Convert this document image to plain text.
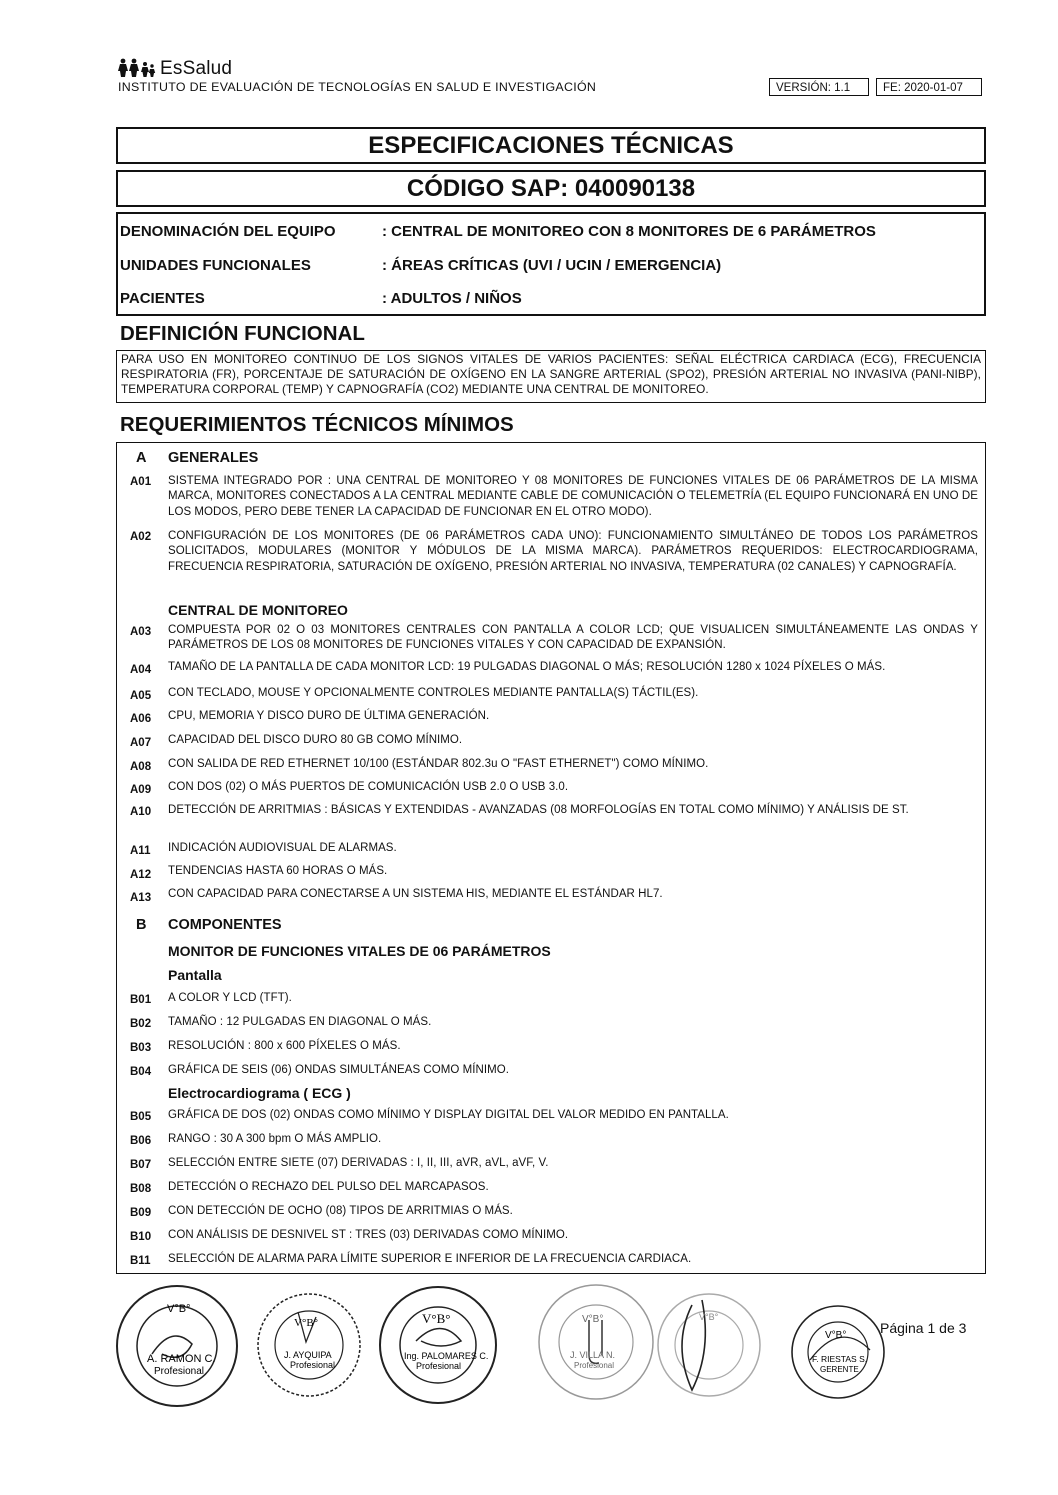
EsSalud
INSTITUTO DE EVALUACIÓN DE TECNOLOGÍAS EN SALUD E INVESTIGACIÓN	VERSIÓN: 1.1	FE: 2020-01-07
ESPECIFICACIONES TÉCNICAS
CÓDIGO SAP: 040090138
DENOMINACIÓN DEL EQUIPO	: CENTRAL DE MONITOREO CON 8 MONITORES DE 6 PARÁMETROS
UNIDADES FUNCIONALES	: ÁREAS CRÍTICAS (UVI / UCIN / EMERGENCIA)
PACIENTES	: ADULTOS / NIÑOS
DEFINICIÓN FUNCIONAL
PARA USO EN MONITOREO CONTINUO DE LOS SIGNOS VITALES DE VARIOS PACIENTES: SEÑAL ELÉCTRICA CARDIACA (ECG), FRECUENCIA RESPIRATORIA (FR), PORCENTAJE DE SATURACIÓN DE OXÍGENO EN LA SANGRE ARTERIAL (SPO2), PRESIÓN ARTERIAL NO INVASIVA (PANI-NIBP), TEMPERATURA CORPORAL (TEMP) Y CAPNOGRAFÍA (CO2) MEDIANTE UNA CENTRAL DE MONITOREO.
REQUERIMIENTOS TÉCNICOS MÍNIMOS
A GENERALES
A01	SISTEMA INTEGRADO POR : UNA CENTRAL DE MONITOREO Y 08 MONITORES DE FUNCIONES VITALES DE 06 PARÁMETROS DE LA MISMA MARCA, MONITORES CONECTADOS A LA CENTRAL MEDIANTE CABLE DE COMUNICACIÓN O TELEMETRÍA (EL EQUIPO FUNCIONARÁ EN UNO DE LOS MODOS, PERO DEBE TENER LA CAPACIDAD DE FUNCIONAR EN EL OTRO MODO).
A02	CONFIGURACIÓN DE LOS MONITORES (DE 06 PARÁMETROS CADA UNO): FUNCIONAMIENTO SIMULTÁNEO DE TODOS LOS PARÁMETROS SOLICITADOS, MODULARES (MONITOR Y MÓDULOS DE LA MISMA MARCA). PARÁMETROS REQUERIDOS: ELECTROCARDIOGRAMA, FRECUENCIA RESPIRATORIA, SATURACIÓN DE OXÍGENO, PRESIÓN ARTERIAL NO INVASIVA, TEMPERATURA (02 CANALES) Y CAPNOGRAFÍA.
CENTRAL DE MONITOREO
A03	COMPUESTA POR 02 O 03 MONITORES CENTRALES CON PANTALLA A COLOR LCD; QUE VISUALICEN SIMULTÁNEAMENTE LAS ONDAS Y PARÁMETROS DE LOS 08 MONITORES DE FUNCIONES VITALES Y CON CAPACIDAD DE EXPANSIÓN.
A04	TAMAÑO DE LA PANTALLA DE CADA MONITOR LCD: 19 PULGADAS DIAGONAL O MÁS; RESOLUCIÓN 1280 x 1024 PÍXELES O MÁS.
A05	CON TECLADO, MOUSE Y OPCIONALMENTE CONTROLES MEDIANTE PANTALLA(S) TÁCTIL(ES).
A06	CPU, MEMORIA Y DISCO DURO DE ÚLTIMA GENERACIÓN.
A07	CAPACIDAD DEL DISCO DURO 80 GB COMO MÍNIMO.
A08	CON SALIDA DE RED ETHERNET 10/100 (ESTÁNDAR 802.3u O "FAST ETHERNET") COMO MÍNIMO.
A09	CON DOS (02) O MÁS PUERTOS DE COMUNICACIÓN USB 2.0 O USB 3.0.
A10	DETECCIÓN DE ARRITMIAS : BÁSICAS Y EXTENDIDAS - AVANZADAS (08 MORFOLOGÍAS EN TOTAL COMO MÍNIMO) Y ANÁLISIS DE ST.
A11	INDICACIÓN AUDIOVISUAL DE ALARMAS.
A12	TENDENCIAS HASTA 60 HORAS O MÁS.
A13	CON CAPACIDAD PARA CONECTARSE A UN SISTEMA HIS, MEDIANTE EL ESTÁNDAR HL7.
B COMPONENTES
MONITOR DE FUNCIONES VITALES DE 06 PARÁMETROS
Pantalla
B01	A COLOR Y LCD (TFT).
B02	TAMAÑO : 12 PULGADAS EN DIAGONAL O MÁS.
B03	RESOLUCIÓN : 800 x 600 PÍXELES O MÁS.
B04	GRÁFICA DE SEIS (06) ONDAS SIMULTÁNEAS COMO MÍNIMO.
Electrocardiograma ( ECG )
B05	GRÁFICA DE DOS (02) ONDAS COMO MÍNIMO Y DISPLAY DIGITAL DEL VALOR MEDIDO EN PANTALLA.
B06	RANGO : 30 A 300 bpm O MÁS AMPLIO.
B07	SELECCIÓN ENTRE SIETE (07) DERIVADAS : I, II, III, aVR, aVL, aVF, V.
B08	DETECCIÓN O RECHAZO DEL PULSO DEL MARCAPASOS.
B09	CON DETECCIÓN DE OCHO (08) TIPOS DE ARRITMIAS O MÁS.
B10	CON ANÁLISIS DE DESNIVEL ST : TRES (03) DERIVADAS COMO MÍNIMO.
B11	SELECCIÓN DE ALARMA PARA LÍMITE SUPERIOR E INFERIOR DE LA FRECUENCIA CARDIACA.
V°B°
A. RAMON C.
Profesional
V°B°
J. AYQUIPA
Profesional
V°B°
Ing. PALOMARES C.
Profesional
V°B°
J. VILLA N.
Profesional
V°B°
V°B°
F. RIESTAS S.
GERENTE
Página 1 de 3
